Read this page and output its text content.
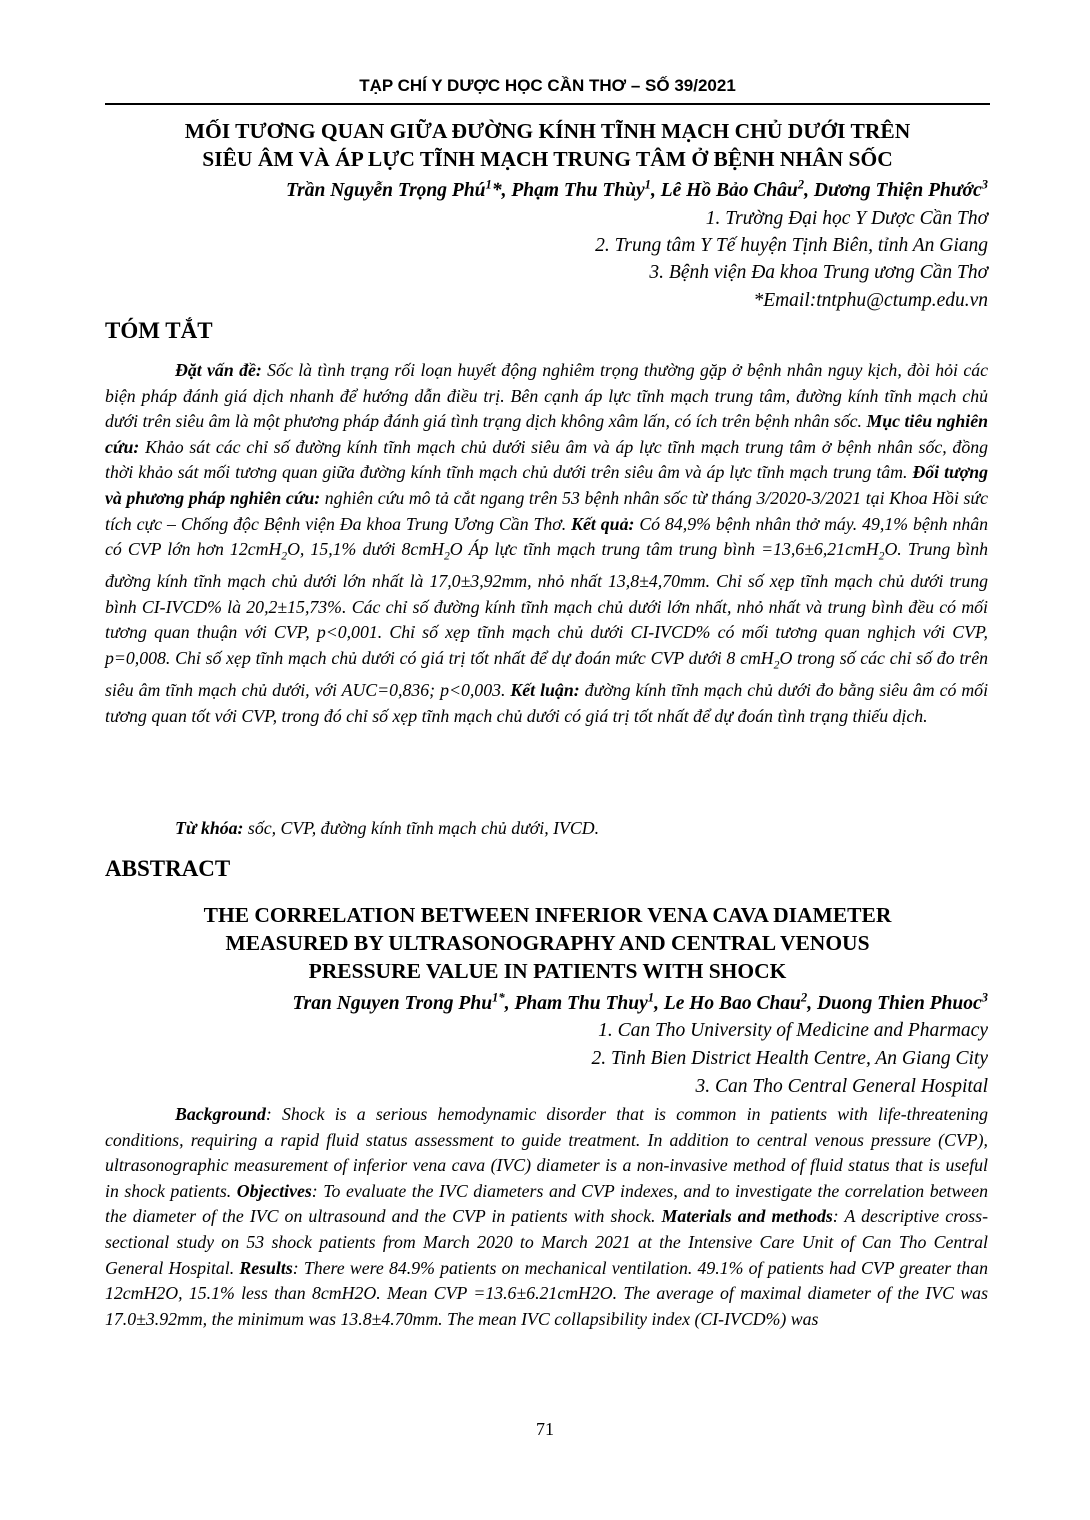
TẠP CHÍ Y DƯỢC HỌC CẦN THƠ – SỐ 39/2021
MỐI TƯƠNG QUAN GIỮA ĐƯỜNG KÍNH TĨNH MẠCH CHỦ DƯỚI TRÊN
SIÊU ÂM VÀ ÁP LỰC TĨNH MẠCH TRUNG TÂM Ở BỆNH NHÂN SỐC
Trần Nguyễn Trọng Phú$^1$*, Phạm Thu Thùy$^1$, Lê Hồ Bảo Châu$^2$, Dương Thiện Phước$^3$
1. Trường Đại học Y Dược Cần Thơ
2. Trung tâm Y Tế huyện Tịnh Biên, tỉnh An Giang
3. Bệnh viện Đa khoa Trung ương Cần Thơ
*Email:tntphu@ctump.edu.vn
TÓM TẮT

Đặt vấn đề: Sốc là tình trạng rối loạn huyết động nghiêm trọng thường gặp ở bệnh nhân nguy kịch, đòi hỏi các biện pháp đánh giá dịch nhanh để hướng dẫn điều trị. Bên cạnh áp lực tĩnh mạch trung tâm, đường kính tĩnh mạch chủ dưới trên siêu âm là một phương pháp đánh giá tình trạng dịch không xâm lấn, có ích trên bệnh nhân sốc. Mục tiêu nghiên cứu: Khảo sát các chỉ số đường kính tĩnh mạch chủ dưới siêu âm và áp lực tĩnh mạch trung tâm ở bệnh nhân sốc, đồng thời khảo sát mối tương quan giữa đường kính tĩnh mạch chủ dưới trên siêu âm và áp lực tĩnh mạch trung tâm. Đối tượng và phương pháp nghiên cứu: nghiên cứu mô tả cắt ngang trên 53 bệnh nhân sốc từ tháng 3/2020-3/2021 tại Khoa Hồi sức tích cực – Chống độc Bệnh viện Đa khoa Trung Ương Cần Thơ. Kết quả: Có 84,9% bệnh nhân thở máy. 49,1% bệnh nhân có CVP lớn hơn 12cmH$_2$O, 15,1% dưới 8cmH$_2$O Áp lực tĩnh mạch trung tâm trung bình =13,6±6,21cmH$_2$O. Trung bình đường kính tĩnh mạch chủ dưới lớn nhất là 17,0±3,92mm, nhỏ nhất 13,8±4,70mm. Chỉ số xẹp tĩnh mạch chủ dưới trung bình CI-IVCD% là 20,2±15,73%. Các chỉ số đường kính tĩnh mạch chủ dưới lớn nhất, nhỏ nhất và trung bình đều có mối tương quan thuận với CVP, p<0,001. Chỉ số xẹp tĩnh mạch chủ dưới CI-IVCD% có mối tương quan nghịch với CVP, p=0,008. Chỉ số xẹp tĩnh mạch chủ dưới có giá trị tốt nhất để dự đoán mức CVP dưới 8 cmH$_2$O trong số các chỉ số đo trên siêu âm tĩnh mạch chủ dưới, với AUC=0,836; p<0,003. Kết luận: đường kính tĩnh mạch chủ dưới đo bằng siêu âm có mối tương quan tốt với CVP, trong đó chỉ số xẹp tĩnh mạch chủ dưới có giá trị tốt nhất để dự đoán tình trạng thiếu dịch.

Từ khóa: sốc, CVP, đường kính tĩnh mạch chủ dưới, IVCD.
ABSTRACT
THE CORRELATION BETWEEN INFERIOR VENA CAVA DIAMETER
MEASURED BY ULTRASONOGRAPHY AND CENTRAL VENOUS
PRESSURE VALUE IN PATIENTS WITH SHOCK
Tran Nguyen Trong Phu$^{1*}$, Pham Thu Thuy$^1$, Le Ho Bao Chau$^2$, Duong Thien Phuoc$^3$
1. Can Tho University of Medicine and Pharmacy
2. Tinh Bien District Health Centre, An Giang City
3. Can Tho Central General Hospital

Background: Shock is a serious hemodynamic disorder that is common in patients with life-threatening conditions, requiring a rapid fluid status assessment to guide treatment. In addition to central venous pressure (CVP), ultrasonographic measurement of inferior vena cava (IVC) diameter is a non-invasive method of fluid status that is useful in shock patients. Objectives: To evaluate the IVC diameters and CVP indexes, and to investigate the correlation between the diameter of the IVC on ultrasound and the CVP in patients with shock. Materials and methods: A descriptive cross-sectional study on 53 shock patients from March 2020 to March 2021 at the Intensive Care Unit of Can Tho Central General Hospital. Results: There were 84.9% patients on mechanical ventilation. 49.1% of patients had CVP greater than 12cmH2O, 15.1% less than 8cmH2O. Mean CVP =13.6±6.21cmH2O. The average of maximal diameter of the IVC was 17.0±3.92mm, the minimum was 13.8±4.70mm. The mean IVC collapsibility index (CI-IVCD%) was

71
